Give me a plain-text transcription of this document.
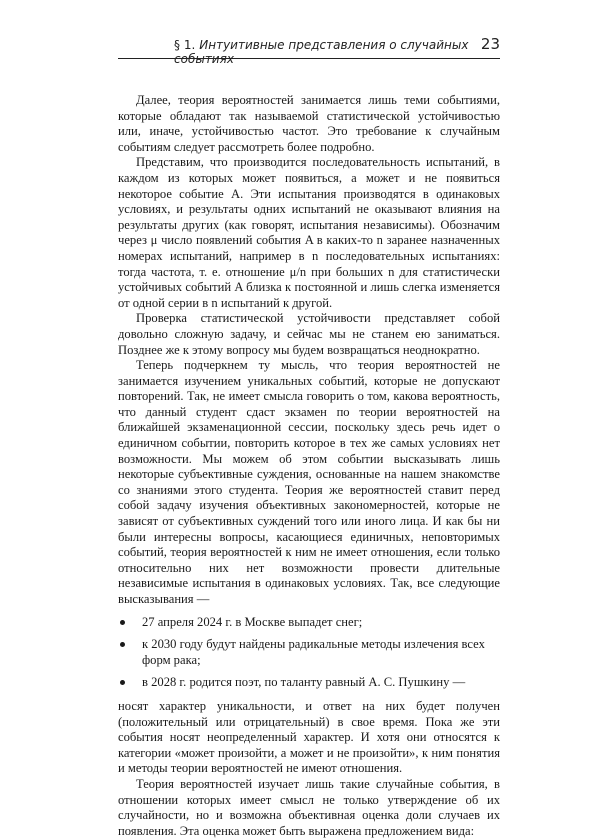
§ 1. Интуитивные представления о случайных событиях
23

Далее, теория вероятностей занимается лишь теми событиями, которые обладают так называемой статистической устойчивостью или, иначе, устойчивостью частот. Это требование к случайным событиям следует рассмотреть более подробно.

Представим, что производится последовательность испытаний, в каждом из которых может появиться, а может и не появиться некоторое событие A. Эти испытания производятся в одинаковых условиях, и результаты одних испытаний не оказывают влияния на результаты других (как говорят, испытания независимы). Обозначим через μ число появлений события A в каких-то n заранее назначенных номерах испытаний, например в n последовательных испытаниях: тогда частота, т. е. отношение μ/n при больших n для статистически устойчивых событий A близка к постоянной и лишь слегка изменяется от одной серии в n испытаний к другой.

Проверка статистической устойчивости представляет собой довольно сложную задачу, и сейчас мы не станем ею заниматься. Позднее же к этому вопросу мы будем возвращаться неоднократно.

Теперь подчеркнем ту мысль, что теория вероятностей не занимается изучением уникальных событий, которые не допускают повторений. Так, не имеет смысла говорить о том, какова вероятность, что данный студент сдаст экзамен по теории вероятностей на ближайшей экзаменационной сессии, поскольку здесь речь идет о единичном событии, повторить которое в тех же самых условиях нет возможности. Мы можем об этом событии высказывать лишь некоторые субъективные суждения, основанные на нашем знакомстве со знаниями этого студента. Теория же вероятностей ставит перед собой задачу изучения объективных закономерностей, которые не зависят от субъективных суждений того или иного лица. И как бы ни были интересны вопросы, касающиеся единичных, неповторимых событий, теория вероятностей к ним не имеет отношения, если только относительно них нет возможности провести длительные независимые испытания в одинаковых условиях. Так, все следующие высказывания —

27 апреля 2024 г. в Москве выпадет снег;
к 2030 году будут найдены радикальные методы излечения всех форм рака;
в 2028 г. родится поэт, по таланту равный А. С. Пушкину —

носят характер уникальности, и ответ на них будет получен (положительный или отрицательный) в свое время. Пока же эти события носят неопределенный характер. И хотя они относятся к категории «может произойти, а может и не произойти», к ним понятия и методы теории вероятностей не имеют отношения.

Теория вероятностей изучает лишь такие случайные события, в отношении которых имеет смысл не только утверждение об их случайности, но и возможна объективная оценка доли случаев их появления. Эта оценка может быть выражена предложением вида:
